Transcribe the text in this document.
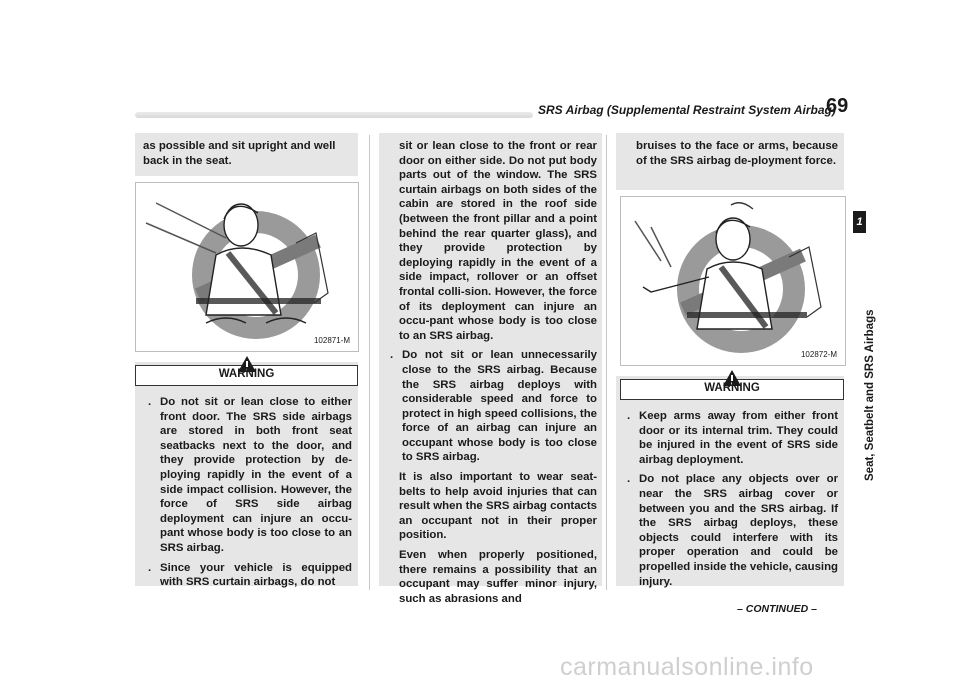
SRS Airbag (Supplemental Restraint System Airbag)
69

as possible and sit upright and well back in the seat.

102871-M
WARNING

. Do not sit or lean close to either front door. The SRS side airbags are stored in both front seat seatbacks next to the door, and they provide protection by de-ploying rapidly in the event of a side impact collision. However, the force of SRS side airbag deployment can injure an occu-pant whose body is too close to an SRS airbag.

. Since your vehicle is equipped with SRS curtain airbags, do not

sit or lean close to the front or rear door on either side. Do not put body parts out of the window. The SRS curtain airbags on both sides of the cabin are stored in the roof side (between the front pillar and a point behind the rear quarter glass), and they provide protection by deploying rapidly in the event of a side impact, rollover or an offset frontal colli-sion. However, the force of its deployment can injure an occu-pant whose body is too close to an SRS airbag.

. Do not sit or lean unnecessarily close to the SRS airbag. Because the SRS airbag deploys with considerable speed and force to protect in high speed collisions, the force of an airbag can injure an occupant whose body is too close to SRS airbag.

It is also important to wear seat-belts to help avoid injuries that can result when the SRS airbag contacts an occupant not in their proper position.

Even when properly positioned, there remains a possibility that an occupant may suffer minor injury, such as abrasions and

bruises to the face or arms, because of the SRS airbag de-ployment force.

102872-M
WARNING

. Keep arms away from either front door or its internal trim. They could be injured in the event of SRS side airbag deployment.

. Do not place any objects over or near the SRS airbag cover or between you and the SRS airbag. If the SRS airbag deploys, these objects could interfere with its proper operation and could be propelled inside the vehicle, causing injury.

1
Seat, Seatbelt and SRS Airbags
– CONTINUED –
carmanualsonline.info
